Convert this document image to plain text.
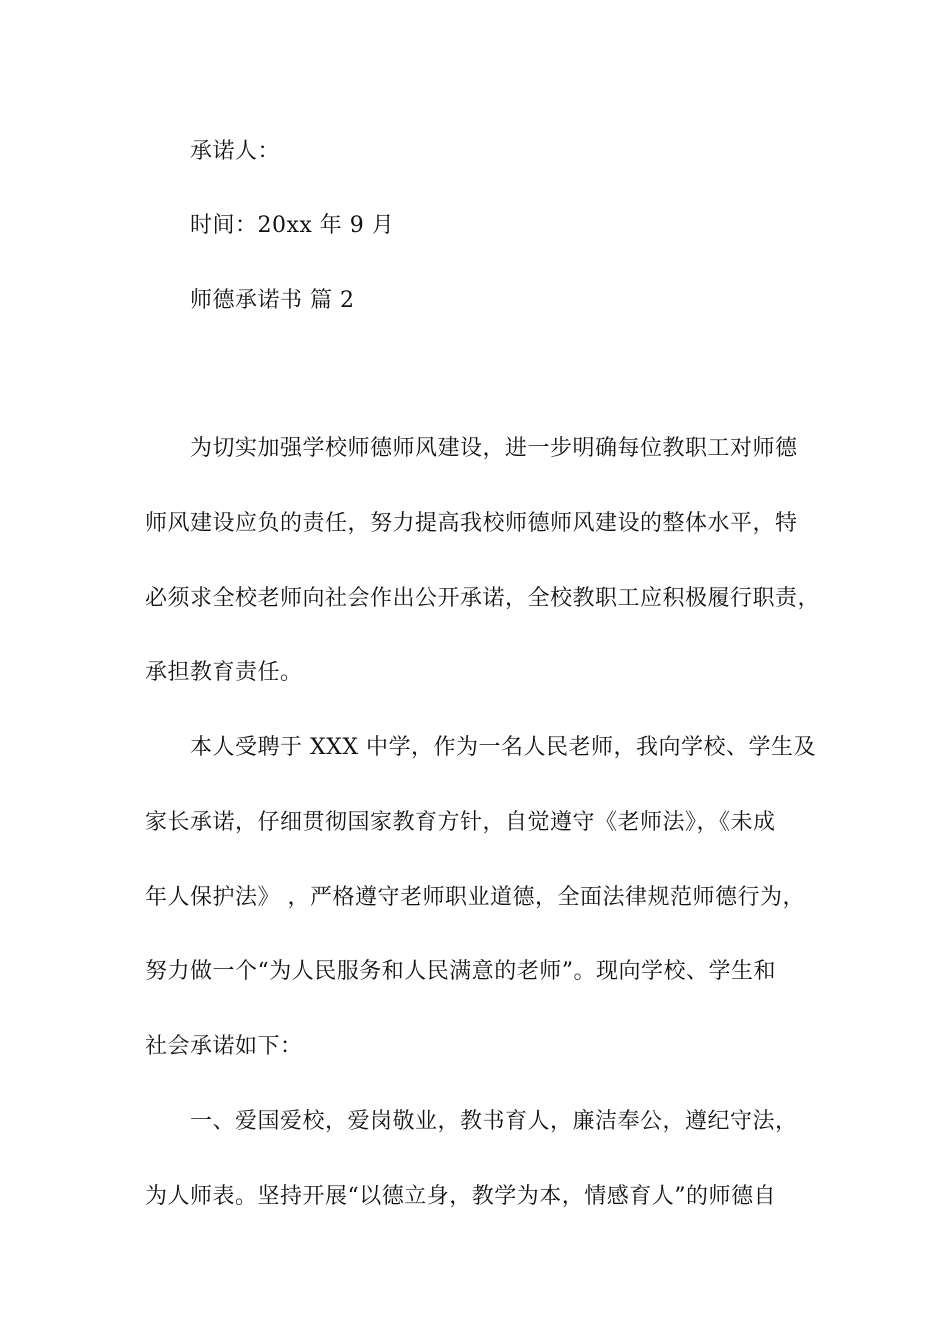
承诺人：
时间：20xx 年 9 月
师德承诺书 篇 2
为切实加强学校师德师风建设，进一步明确每位教职工对师德
师风建设应负的责任，努力提高我校师德师风建设的整体水平，特
必须求全校老师向社会作出公开承诺，全校教职工应积极履行职责，
承担教育责任。
本人受聘于 XXX 中学，作为一名人民老师，我向学校、学生及
家长承诺，仔细贯彻国家教育方针，自觉遵守《老师法》，《未成
年人保护法》 ，严格遵守老师职业道德，全面法律规范师德行为，
努力做一个“为人民服务和人民满意的老师”。现向学校、学生和
社会承诺如下：
一、爱国爱校，爱岗敬业，教书育人，廉洁奉公，遵纪守法，
为人师表。坚持开展“以德立身，教学为本，情感育人”的师德自
